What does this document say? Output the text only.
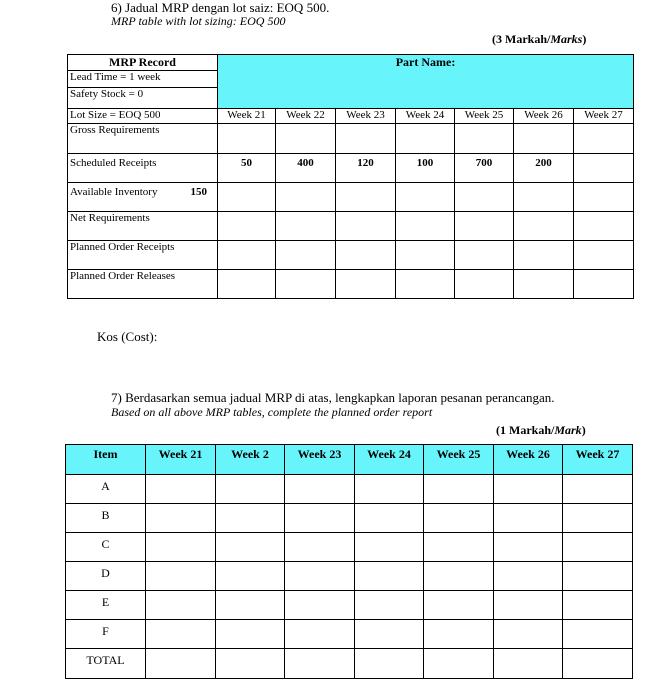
6) Jadual MRP dengan lot saiz: EOQ 500.
MRP table with lot sizing: EOQ 500
(3 Markah/Marks)
MRP Record	Part Name:						
Lead Time = 1 week							
Safety Stock = 0							
Lot Size = EOQ 500	Week 21	Week 22	Week 23	Week 24	Week 25	Week 26	Week 27
Gross Requirements							
Scheduled Receipts	50	400	120	100	700	200	
Available Inventory 150							

Net Requirements							
Planned Order Receipts							
Planned Order Releases							
Kos (Cost):
7) Berdasarkan semua jadual MRP di atas, lengkapkan laporan pesanan perancangan.
Based on all above MRP tables, complete the planned order report
(1 Markah/Mark)
Item	Week 21	Week 2	Week 23	Week 24	Week 25	Week 26	Week 27
A							
B							
C							
D							
E							
F							
TOTAL							
